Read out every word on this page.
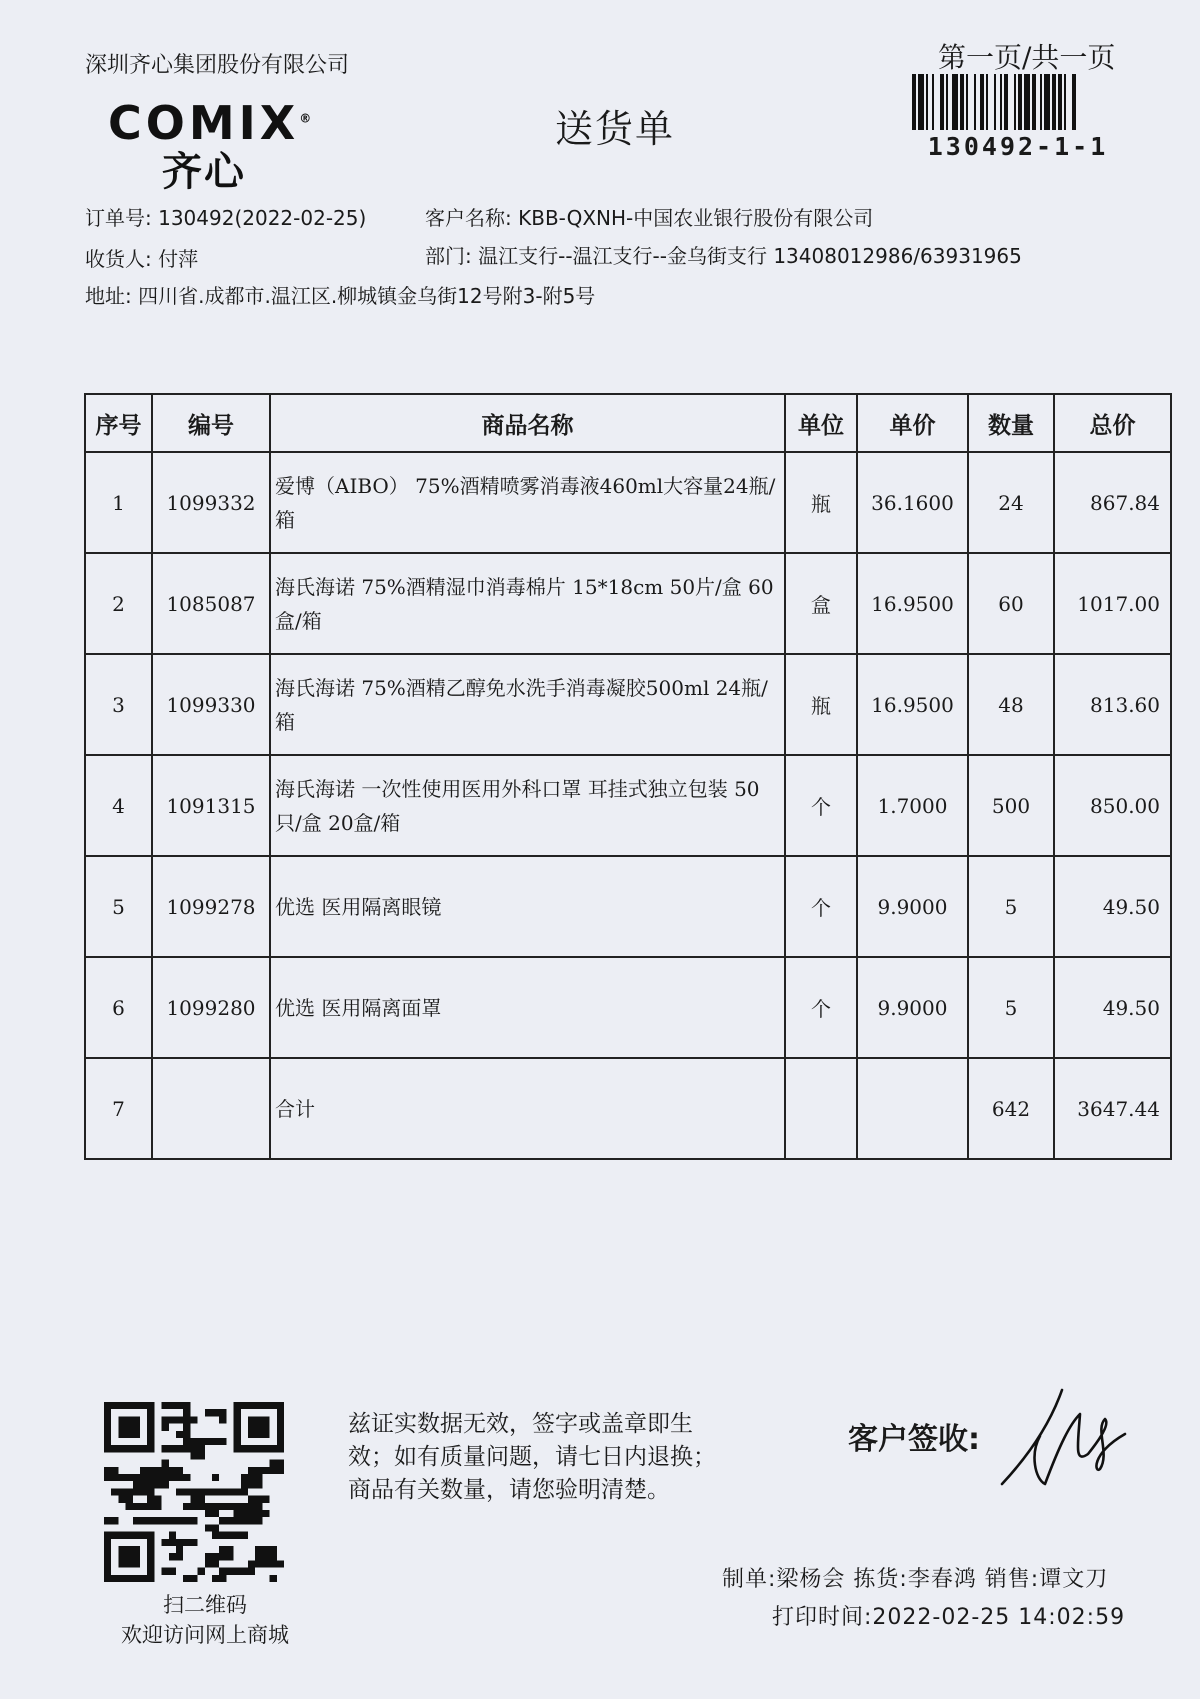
深圳齐心集团股份有限公司
COMIX®
齐心
送货单
第一页/共一页
130492-1-1
订单号: 130492(2022-02-25)	客户名称: KBB-QXNH-中国农业银行股份有限公司
收货人: 付萍	部门: 温江支行--温江支行--金乌街支行 13408012986/63931965
地址: 四川省.成都市.温江区.柳城镇金乌街12号附3-附5号
序号	编号	商品名称	单位	单价	数量	总价
1	1099332	爱博（AIBO） 75%酒精喷雾消毒液460ml大容量24瓶/箱	瓶	36.1600	24	867.84
2	1085087	海氏海诺 75%酒精湿巾消毒棉片 15*18cm 50片/盒 60盒/箱	盒	16.9500	60	1017.00
3	1099330	海氏海诺 75%酒精乙醇免水洗手消毒凝胶500ml 24瓶/箱	瓶	16.9500	48	813.60
4	1091315	海氏海诺 一次性使用医用外科口罩 耳挂式独立包装 50只/盒 20盒/箱	个	1.7000	500	850.00
5	1099278	优选 医用隔离眼镜	个	9.9000	5	49.50
6	1099280	优选 医用隔离面罩	个	9.9000	5	49.50
7		合计			642	3647.44
扫二维码
欢迎访问网上商城
兹证实数据无效，签字或盖章即生
效；如有质量问题，请七日内退换；
商品有关数量，请您验明清楚。
客户签收:
制单:梁杨会 拣货:李春鸿 销售:谭文刀
打印时间:2022-02-25 14:02:59
